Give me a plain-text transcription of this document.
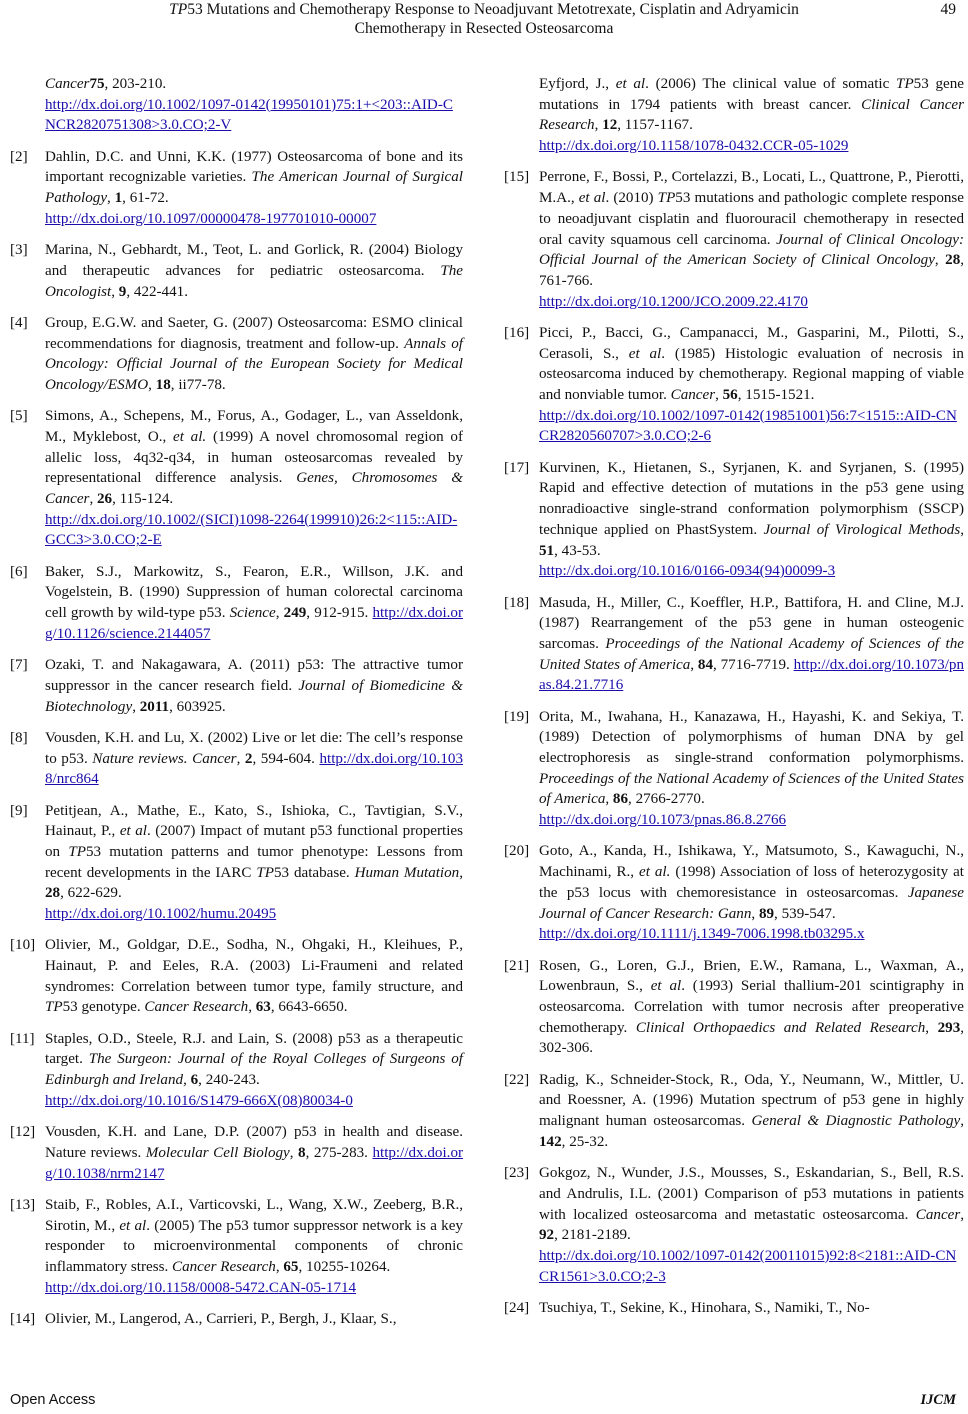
TP53 Mutations and Chemotherapy Response to Neoadjuvant Metotrexate, Cisplatin and Adryamicin
Chemotherapy in Resected Osteosarcoma
49
Cancer75, 203-210.
http://dx.doi.org/10.1002/1097-0142(19950101)75:1+<203::AID-CNCR2820751308>3.0.CO;2-V
[2] Dahlin, D.C. and Unni, K.K. (1977) Osteosarcoma of bone and its important recognizable varieties. The American Journal of Surgical Pathology, 1, 61-72.
http://dx.doi.org/10.1097/00000478-197701010-00007
[3] Marina, N., Gebhardt, M., Teot, L. and Gorlick, R. (2004) Biology and therapeutic advances for pediatric osteosarcoma. The Oncologist, 9, 422-441.
[4] Group, E.G.W. and Saeter, G. (2007) Osteosarcoma: ESMO clinical recommendations for diagnosis, treatment and follow-up. Annals of Oncology: Official Journal of the European Society for Medical Oncology/ESMO, 18, ii77-78.
[5] Simons, A., Schepens, M., Forus, A., Godager, L., van Asseldonk, M., Myklebost, O., et al. (1999) A novel chromosomal region of allelic loss, 4q32-q34, in human osteosarcomas revealed by representational difference analysis. Genes, Chromosomes & Cancer, 26, 115-124.
http://dx.doi.org/10.1002/(SICI)1098-2264(199910)26:2<115::AID-GCC3>3.0.CO;2-E
[6] Baker, S.J., Markowitz, S., Fearon, E.R., Willson, J.K. and Vogelstein, B. (1990) Suppression of human colorectal carcinoma cell growth by wild-type p53. Science, 249, 912-915. http://dx.doi.org/10.1126/science.2144057
[7] Ozaki, T. and Nakagawara, A. (2011) p53: The attractive tumor suppressor in the cancer research field. Journal of Biomedicine & Biotechnology, 2011, 603925.
[8] Vousden, K.H. and Lu, X. (2002) Live or let die: The cell’s response to p53. Nature reviews. Cancer, 2, 594-604. http://dx.doi.org/10.1038/nrc864
[9] Petitjean, A., Mathe, E., Kato, S., Ishioka, C., Tavtigian, S.V., Hainaut, P., et al. (2007) Impact of mutant p53 functional properties on TP53 mutation patterns and tumor phenotype: Lessons from recent developments in the IARC TP53 database. Human Mutation, 28, 622-629.
http://dx.doi.org/10.1002/humu.20495
[10] Olivier, M., Goldgar, D.E., Sodha, N., Ohgaki, H., Kleihues, P., Hainaut, P. and Eeles, R.A. (2003) Li-Fraumeni and related syndromes: Correlation between tumor type, family structure, and TP53 genotype. Cancer Research, 63, 6643-6650.
[11] Staples, O.D., Steele, R.J. and Lain, S. (2008) p53 as a therapeutic target. The Surgeon: Journal of the Royal Colleges of Surgeons of Edinburgh and Ireland, 6, 240-243.
http://dx.doi.org/10.1016/S1479-666X(08)80034-0
[12] Vousden, K.H. and Lane, D.P. (2007) p53 in health and disease. Nature reviews. Molecular Cell Biology, 8, 275-283. http://dx.doi.org/10.1038/nrm2147
[13] Staib, F., Robles, A.I., Varticovski, L., Wang, X.W., Zeeberg, B.R., Sirotin, M., et al. (2005) The p53 tumor suppressor network is a key responder to microenvironmental components of chronic inflammatory stress. Cancer Research, 65, 10255-10264.
http://dx.doi.org/10.1158/0008-5472.CAN-05-1714
[14] Olivier, M., Langerod, A., Carrieri, P., Bergh, J., Klaar, S.,
Eyfjord, J., et al. (2006) The clinical value of somatic TP53 gene mutations in 1794 patients with breast cancer. Clinical Cancer Research, 12, 1157-1167.
http://dx.doi.org/10.1158/1078-0432.CCR-05-1029
[15] Perrone, F., Bossi, P., Cortelazzi, B., Locati, L., Quattrone, P., Pierotti, M.A., et al. (2010) TP53 mutations and pathologic complete response to neoadjuvant cisplatin and fluorouracil chemotherapy in resected oral cavity squamous cell carcinoma. Journal of Clinical Oncology: Official Journal of the American Society of Clinical Oncology, 28, 761-766.
http://dx.doi.org/10.1200/JCO.2009.22.4170
[16] Picci, P., Bacci, G., Campanacci, M., Gasparini, M., Pilotti, S., Cerasoli, S., et al. (1985) Histologic evaluation of necrosis in osteosarcoma induced by chemotherapy. Regional mapping of viable and nonviable tumor. Cancer, 56, 1515-1521.
http://dx.doi.org/10.1002/1097-0142(19851001)56:7<1515::AID-CNCR2820560707>3.0.CO;2-6
[17] Kurvinen, K., Hietanen, S., Syrjanen, K. and Syrjanen, S. (1995) Rapid and effective detection of mutations in the p53 gene using nonradioactive single-strand conformation polymorphism (SSCP) technique applied on PhastSystem. Journal of Virological Methods, 51, 43-53.
http://dx.doi.org/10.1016/0166-0934(94)00099-3
[18] Masuda, H., Miller, C., Koeffler, H.P., Battifora, H. and Cline, M.J. (1987) Rearrangement of the p53 gene in human osteogenic sarcomas. Proceedings of the National Academy of Sciences of the United States of America, 84, 7716-7719. http://dx.doi.org/10.1073/pnas.84.21.7716
[19] Orita, M., Iwahana, H., Kanazawa, H., Hayashi, K. and Sekiya, T. (1989) Detection of polymorphisms of human DNA by gel electrophoresis as single-strand conformation polymorphisms. Proceedings of the National Academy of Sciences of the United States of America, 86, 2766-2770.
http://dx.doi.org/10.1073/pnas.86.8.2766
[20] Goto, A., Kanda, H., Ishikawa, Y., Matsumoto, S., Kawaguchi, N., Machinami, R., et al. (1998) Association of loss of heterozygosity at the p53 locus with chemoresistance in osteosarcomas. Japanese Journal of Cancer Research: Gann, 89, 539-547.
http://dx.doi.org/10.1111/j.1349-7006.1998.tb03295.x
[21] Rosen, G., Loren, G.J., Brien, E.W., Ramana, L., Waxman, A., Lowenbraun, S., et al. (1993) Serial thallium-201 scintigraphy in osteosarcoma. Correlation with tumor necrosis after preoperative chemotherapy. Clinical Orthopaedics and Related Research, 293, 302-306.
[22] Radig, K., Schneider-Stock, R., Oda, Y., Neumann, W., Mittler, U. and Roessner, A. (1996) Mutation spectrum of p53 gene in highly malignant human osteosarcomas. General & Diagnostic Pathology, 142, 25-32.
[23] Gokgoz, N., Wunder, J.S., Mousses, S., Eskandarian, S., Bell, R.S. and Andrulis, I.L. (2001) Comparison of p53 mutations in patients with localized osteosarcoma and metastatic osteosarcoma. Cancer, 92, 2181-2189.
http://dx.doi.org/10.1002/1097-0142(20011015)92:8<2181::AID-CNCR1561>3.0.CO;2-3
[24] Tsuchiya, T., Sekine, K., Hinohara, S., Namiki, T., No-
Open Access	IJCM
